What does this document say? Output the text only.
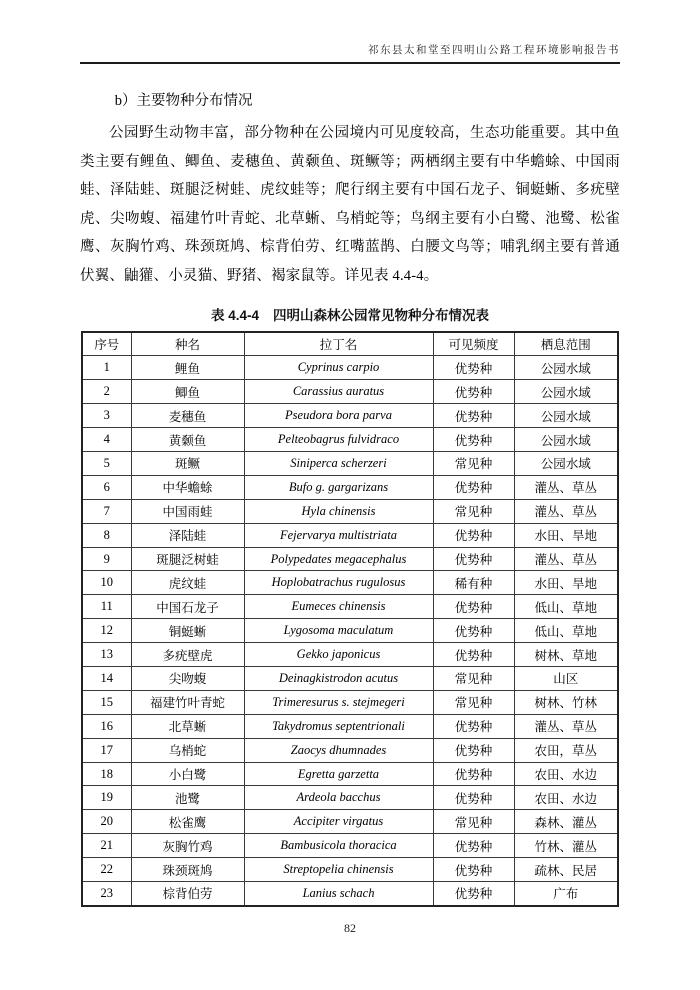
祁东县太和堂至四明山公路工程环境影响报告书
b）主要物种分布情况

公园野生动物丰富，部分物种在公园境内可见度较高，生态功能重要。其中鱼类主要有鲤鱼、鲫鱼、麦穗鱼、黄颡鱼、斑鳜等；两栖纲主要有中华蟾蜍、中国雨蛙、泽陆蛙、斑腿泛树蛙、虎纹蛙等；爬行纲主要有中国石龙子、铜蜓蜥、多疣壁虎、尖吻蝮、福建竹叶青蛇、北草蜥、乌梢蛇等；鸟纲主要有小白鹭、池鹭、松雀鹰、灰胸竹鸡、珠颈斑鸠、棕背伯劳、红嘴蓝鹊、白腰文鸟等；哺乳纲主要有普通伏翼、鼬獾、小灵猫、野猪、褐家鼠等。详见表 4.4-4。

表 4.4-4 四明山森林公园常见物种分布情况表
序号	种名	拉丁名	可见频度	栖息范围
1	鲤鱼	Cyprinus carpio	优势种	公园水域
2	鲫鱼	Carassius auratus	优势种	公园水域
3	麦穗鱼	Pseudora bora parva	优势种	公园水域
4	黄颡鱼	Pelteobagrus fulvidraco	优势种	公园水域
5	斑鳜	Siniperca scherzeri	常见种	公园水域
6	中华蟾蜍	Bufo g. gargarizans	优势种	灌丛、草丛
7	中国雨蛙	Hyla chinensis	常见种	灌丛、草丛
8	泽陆蛙	Fejervarya multistriata	优势种	水田、旱地
9	斑腿泛树蛙	Polypedates megacephalus	优势种	灌丛、草丛
10	虎纹蛙	Hoplobatrachus rugulosus	稀有种	水田、旱地
11	中国石龙子	Eumeces chinensis	优势种	低山、草地
12	铜蜓蜥	Lygosoma maculatum	优势种	低山、草地
13	多疣壁虎	Gekko japonicus	优势种	树林、草地
14	尖吻蝮	Deinagkistrodon acutus	常见种	山区
15	福建竹叶青蛇	Trimeresurus s. stejmegeri	常见种	树林、竹林
16	北草蜥	Takydromus septentrionali	优势种	灌丛、草丛
17	乌梢蛇	Zaocys dhumnades	优势种	农田，草丛
18	小白鹭	Egretta garzetta	优势种	农田、水边
19	池鹭	Ardeola bacchus	优势种	农田、水边
20	松雀鹰	Accipiter virgatus	常见种	森林、灌丛
21	灰胸竹鸡	Bambusicola thoracica	优势种	竹林、灌丛
22	珠颈斑鸠	Streptopelia chinensis	优势种	疏林、民居
23	棕背伯劳	Lanius schach	优势种	广布
82
